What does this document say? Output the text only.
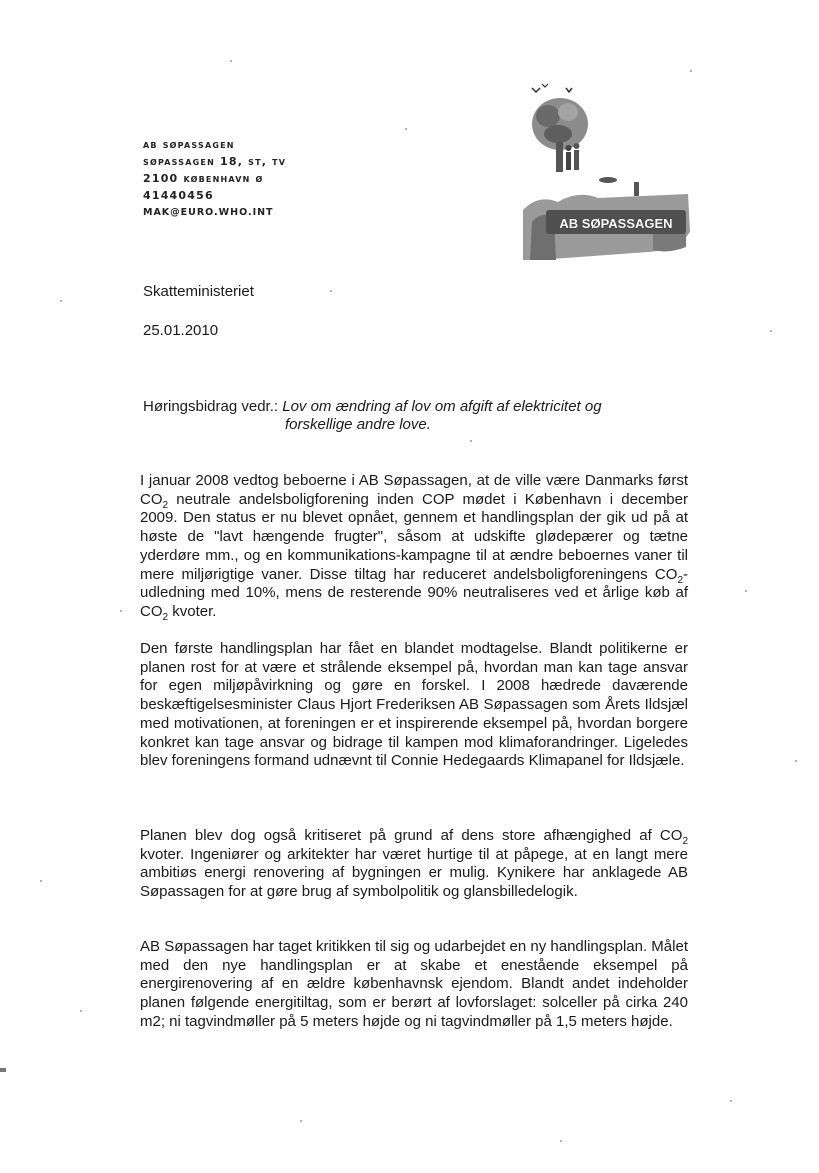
ab søpassagen
søpassagen 18, st, tv
2100 københavn ø
41440456
MAK@EURO.WHO.INT
AB SØPASSAGEN
Skatteministeriet
25.01.2010
Høringsbidrag vedr.: Lov om ændring af lov om afgift af elektricitet og
forskellige andre love.

I januar 2008 vedtog beboerne i AB Søpassagen, at de ville være Danmarks først $CO_2$ neutrale andelsboligforening inden COP mødet i København i december 2009. Den status er nu blevet opnået, gennem et handlingsplan der gik ud på at høste de "lavt hængende frugter", såsom at udskifte glødepærer og tætne yderdøre mm., og en kommunikations-kampagne til at ændre beboernes vaner til mere miljørigtige vaner. Disse tiltag har reduceret andelsboligforeningens $CO_2$-udledning med 10%, mens de resterende 90% neutraliseres ved et årlige køb af $CO_2$ kvoter.

Den første handlingsplan har fået en blandet modtagelse. Blandt politikerne er planen rost for at være et strålende eksempel på, hvordan man kan tage ansvar for egen miljøpåvirkning og gøre en forskel. I 2008 hædrede daværende beskæftigelsesminister Claus Hjort Frederiksen AB Søpassagen som Årets Ildsjæl med motivationen, at foreningen er et inspirerende eksempel på, hvordan borgere konkret kan tage ansvar og bidrage til kampen mod klimaforandringer. Ligeledes blev foreningens formand udnævnt til Connie Hedegaards Klimapanel for Ildsjæle.

Planen blev dog også kritiseret på grund af dens store afhængighed af $CO_2$ kvoter. Ingeniører og arkitekter har været hurtige til at påpege, at en langt mere ambitiøs energi renovering af bygningen er mulig. Kynikere har anklagede AB Søpassagen for at gøre brug af symbolpolitik og glansbilledelogik.

AB Søpassagen har taget kritikken til sig og udarbejdet en ny handlingsplan. Målet med den nye handlingsplan er at skabe et enestående eksempel på energirenovering af en ældre københavnsk ejendom. Blandt andet indeholder planen følgende energitiltag, som er berørt af lovforslaget: solceller på cirka 240 m2; ni tagvindmøller på 5 meters højde og ni tagvindmøller på 1,5 meters højde.
